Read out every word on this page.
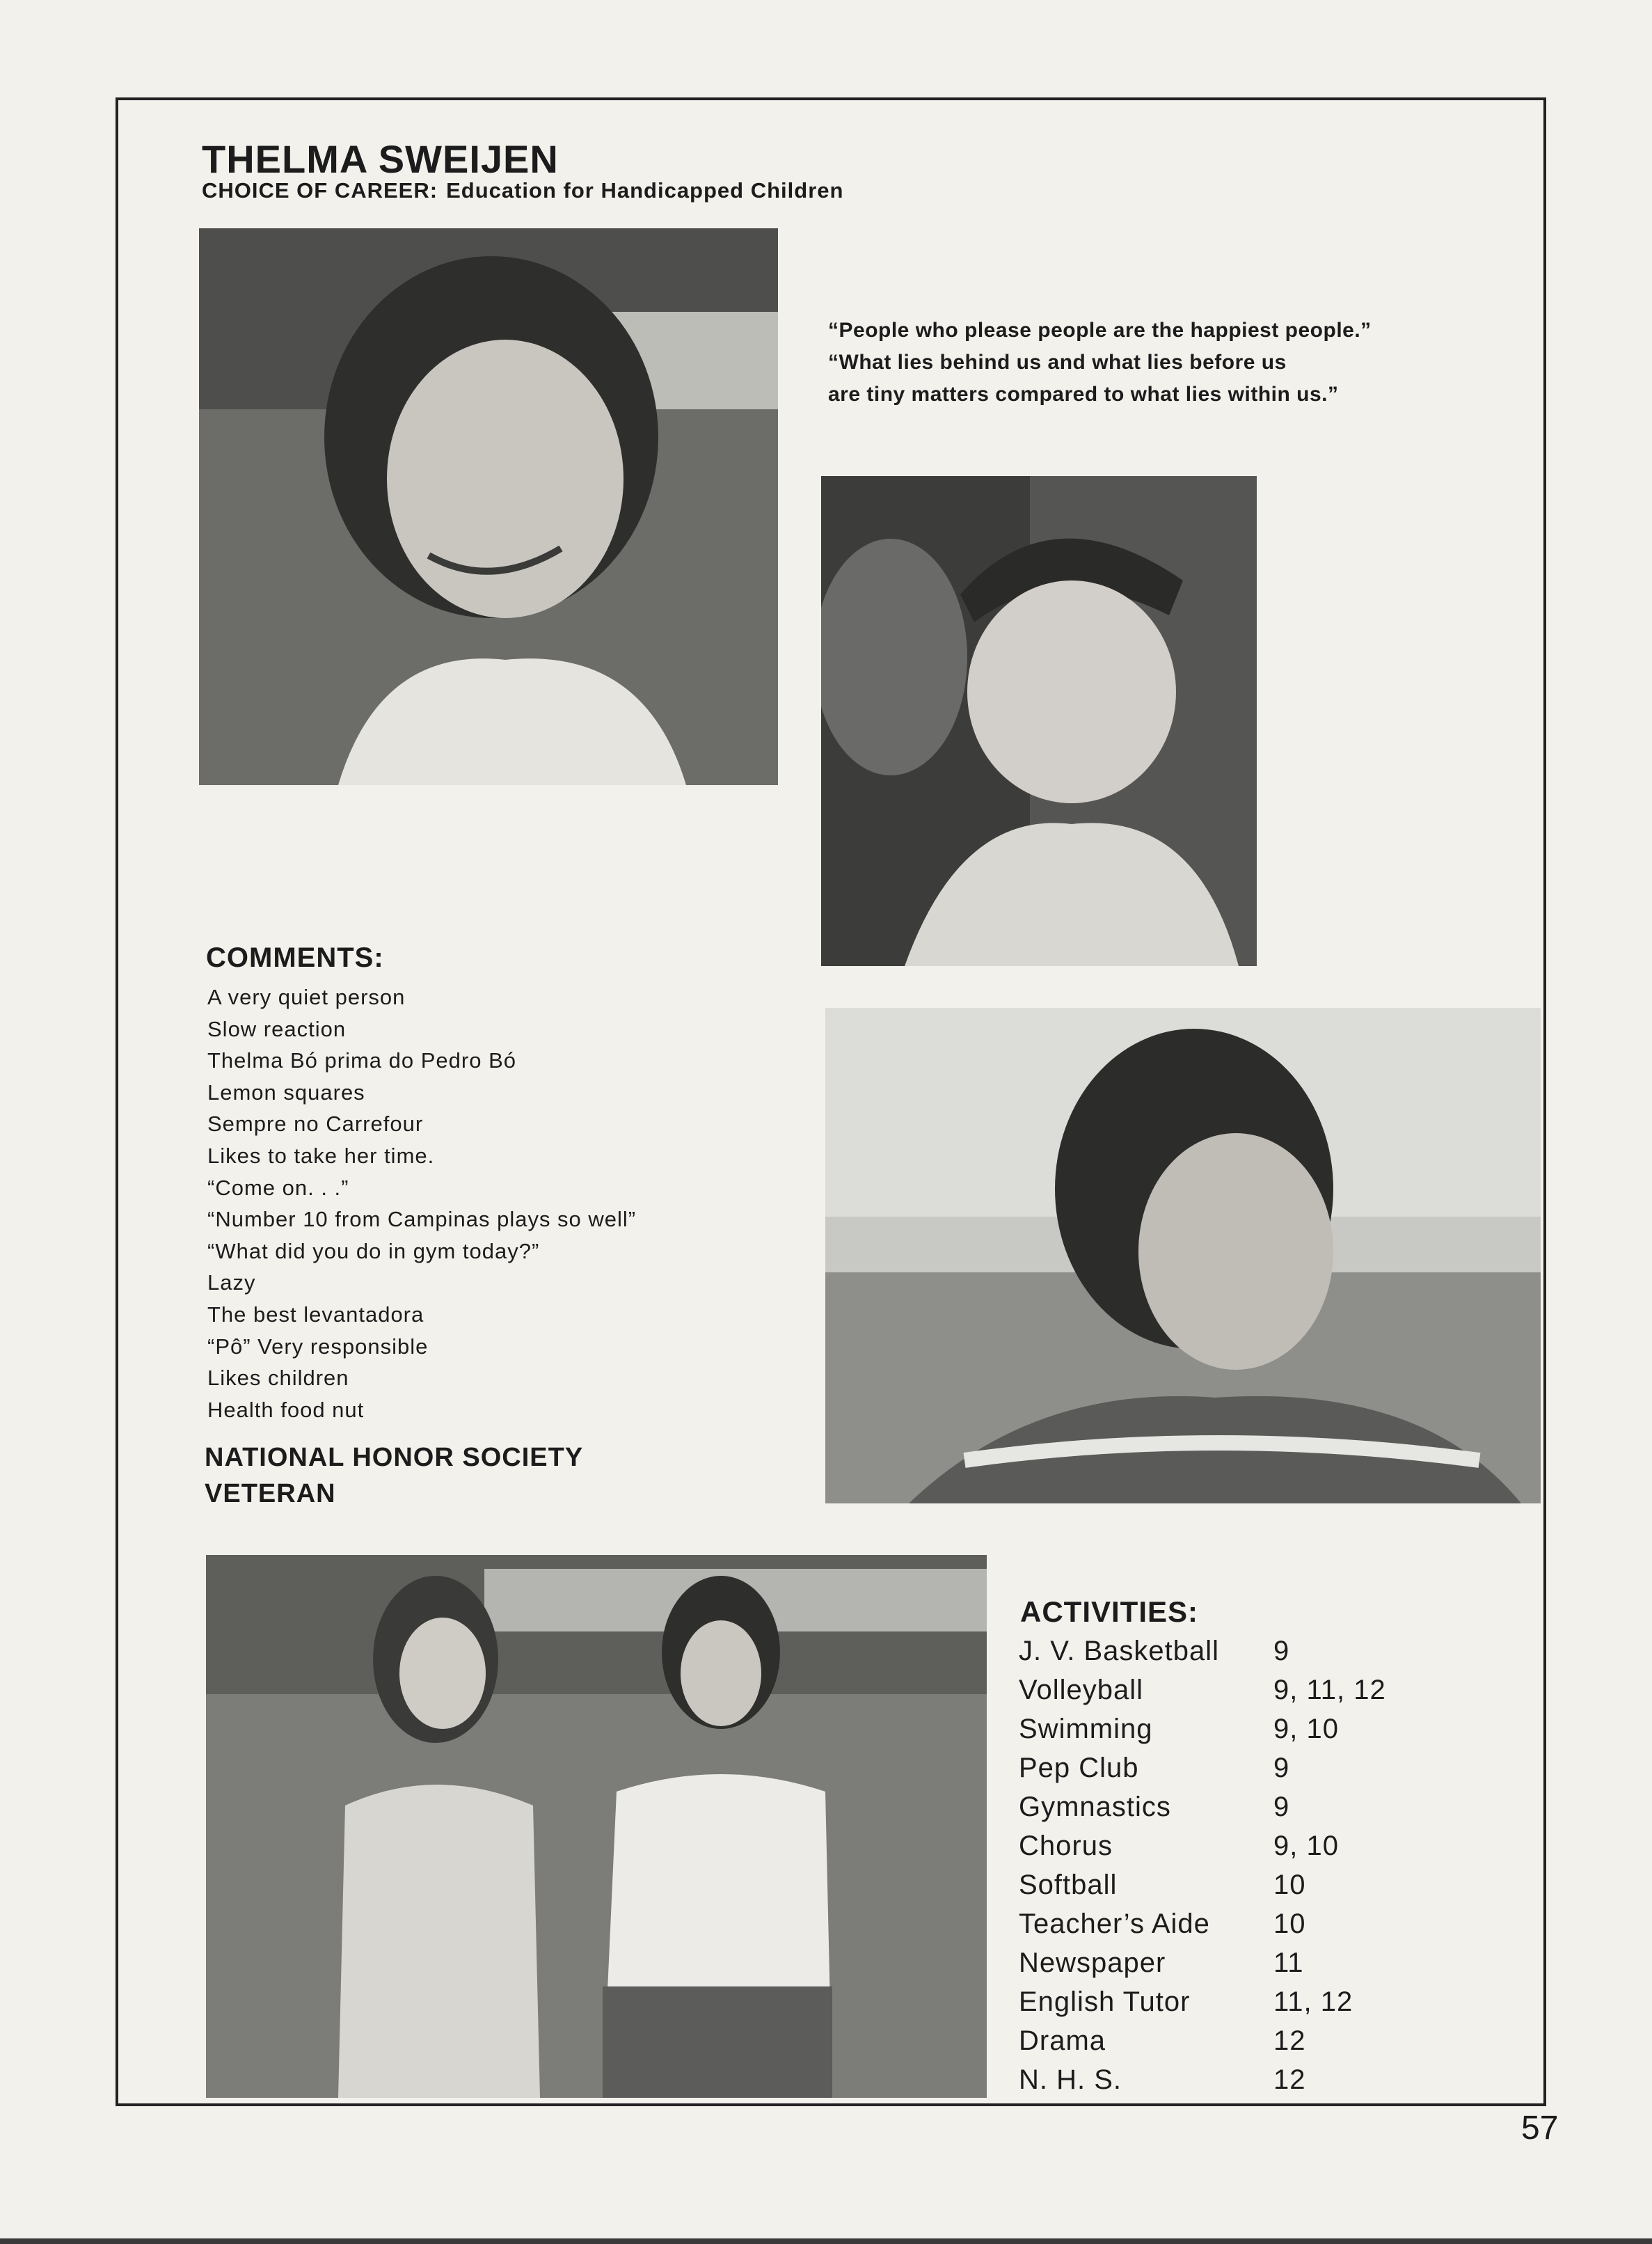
THELMA SWEIJEN
CHOICE OF CAREER: Education for Handicapped Children
“People who please people are the happiest people.”
“What lies behind us and what lies before us
are tiny matters compared to what lies within us.”
COMMENTS:
A very quiet person
Slow reaction
Thelma Bó prima do Pedro Bó
Lemon squares
Sempre no Carrefour
Likes to take her time.
“Come on. . .”
“Number 10 from Campinas plays so well”
“What did you do in gym today?”
Lazy
The best levantadora
“Pô” Very responsible
Likes children
Health food nut
NATIONAL HONOR SOCIETY
VETERAN
ACTIVITIES:
J. V. Basketball 9
Volleyball	9, 11, 12
Swimming	9, 10
Pep Club	9
Gymnastics	9
Chorus	9, 10
Softball	10
Teacher’s Aide 10
Newspaper	11
English Tutor	11, 12
Drama	12
N. H. S.	12
57
